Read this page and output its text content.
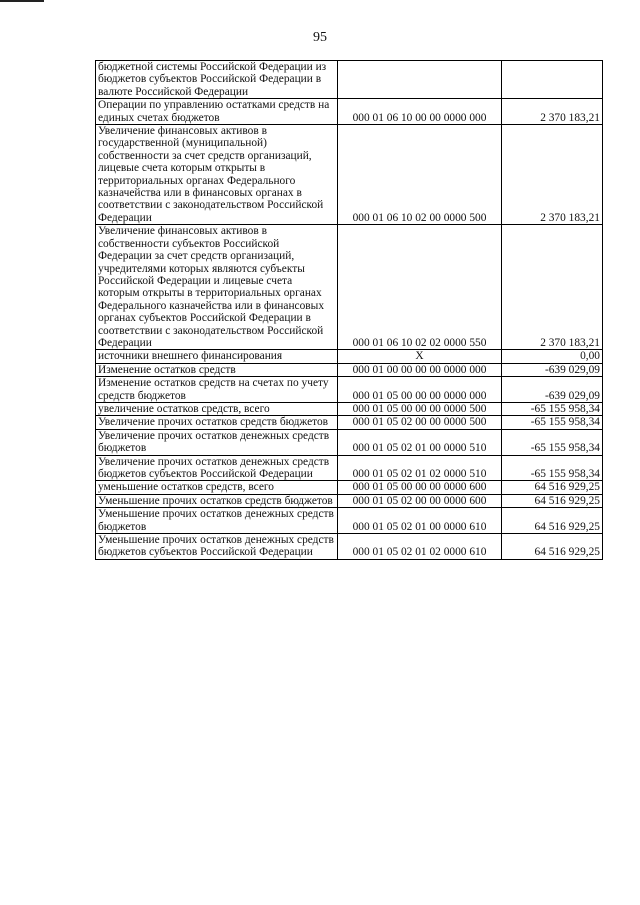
95
бюджетной системы Российской Федерации из бюджетов субъектов Российской Федерации в валюте Российской Федерации		
Операции по управлению остатками средств на единых счетах бюджетов	000 01 06 10 00 00 0000 000	2 370 183,21
Увеличение финансовых активов в государственной (муниципальной) собственности за счет средств организаций, лицевые счета которым открыты в территориальных органах Федерального казначейства или в финансовых органах в соответствии с законодательством Российской Федерации	000 01 06 10 02 00 0000 500	2 370 183,21
Увеличение финансовых активов в собственности субъектов Российской Федерации за счет средств организаций, учредителями которых являются субъекты Российской Федерации и лицевые счета которым открыты в территориальных органах Федерального казначейства или в финансовых органах субъектов Российской Федерации в соответствии с законодательством Российской Федерации	000 01 06 10 02 02 0000 550	2 370 183,21
источники внешнего финансирования	X	0,00
Изменение остатков средств	000 01 00 00 00 00 0000 000	-639 029,09
Изменение остатков средств на счетах по учету средств бюджетов	000 01 05 00 00 00 0000 000	-639 029,09
увеличение остатков средств, всего	000 01 05 00 00 00 0000 500	-65 155 958,34
Увеличение прочих остатков средств бюджетов	000 01 05 02 00 00 0000 500	-65 155 958,34
Увеличение прочих остатков денежных средств бюджетов	000 01 05 02 01 00 0000 510	-65 155 958,34
Увеличение прочих остатков денежных средств бюджетов субъектов Российской Федерации	000 01 05 02 01 02 0000 510	-65 155 958,34
уменьшение остатков средств, всего	000 01 05 00 00 00 0000 600	64 516 929,25
Уменьшение прочих остатков средств бюджетов	000 01 05 02 00 00 0000 600	64 516 929,25
Уменьшение прочих остатков денежных средств бюджетов	000 01 05 02 01 00 0000 610	64 516 929,25
Уменьшение прочих остатков денежных средств бюджетов субъектов Российской Федерации	000 01 05 02 01 02 0000 610	64 516 929,25
